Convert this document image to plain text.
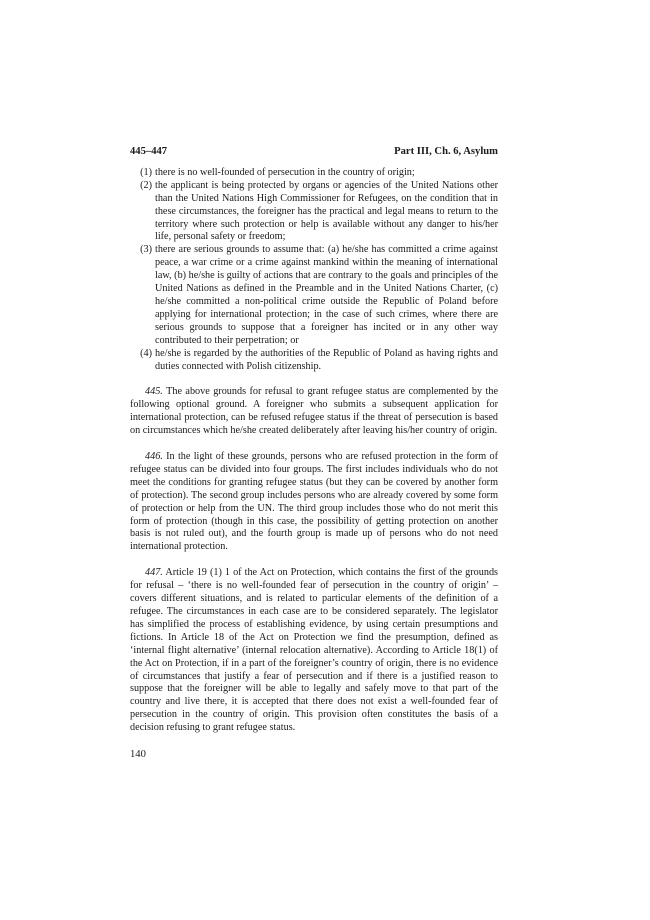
445–447	Part III, Ch. 6, Asylum
(1) there is no well-founded of persecution in the country of origin;
(2) the applicant is being protected by organs or agencies of the United Nations other than the United Nations High Commissioner for Refugees, on the condition that in these circumstances, the foreigner has the practical and legal means to return to the territory where such protection or help is available without any danger to his/her life, personal safety or freedom;
(3) there are serious grounds to assume that: (a) he/she has committed a crime against peace, a war crime or a crime against mankind within the meaning of international law, (b) he/she is guilty of actions that are contrary to the goals and principles of the United Nations as defined in the Preamble and in the United Nations Charter, (c) he/she committed a non-political crime outside the Republic of Poland before applying for international protection; in the case of such crimes, where there are serious grounds to suppose that a foreigner has incited or in any other way contributed to their perpetration; or
(4) he/she is regarded by the authorities of the Republic of Poland as having rights and duties connected with Polish citizenship.

445. The above grounds for refusal to grant refugee status are complemented by the following optional ground. A foreigner who submits a subsequent application for international protection, can be refused refugee status if the threat of persecution is based on circumstances which he/she created deliberately after leaving his/her country of origin.

446. In the light of these grounds, persons who are refused protection in the form of refugee status can be divided into four groups. The first includes individuals who do not meet the conditions for granting refugee status (but they can be covered by another form of protection). The second group includes persons who are already covered by some form of protection or help from the UN. The third group includes those who do not merit this form of protection (though in this case, the possibility of getting protection on another basis is not ruled out), and the fourth group is made up of persons who do not need international protection.

447. Article 19 (1) 1 of the Act on Protection, which contains the first of the grounds for refusal – ‘there is no well-founded fear of persecution in the country of origin’ – covers different situations, and is related to particular elements of the definition of a refugee. The circumstances in each case are to be considered separately. The legislator has simplified the process of establishing evidence, by using certain presumptions and fictions. In Article 18 of the Act on Protection we find the presumption, defined as ‘internal flight alternative’ (internal relocation alternative). According to Article 18(1) of the Act on Protection, if in a part of the foreigner’s country of origin, there is no evidence of circumstances that justify a fear of persecution and if there is a justified reason to suppose that the foreigner will be able to legally and safely move to that part of the country and live there, it is accepted that there does not exist a well-founded fear of persecution in the country of origin. This provision often constitutes the basis of a decision refusing to grant refugee status.

140
